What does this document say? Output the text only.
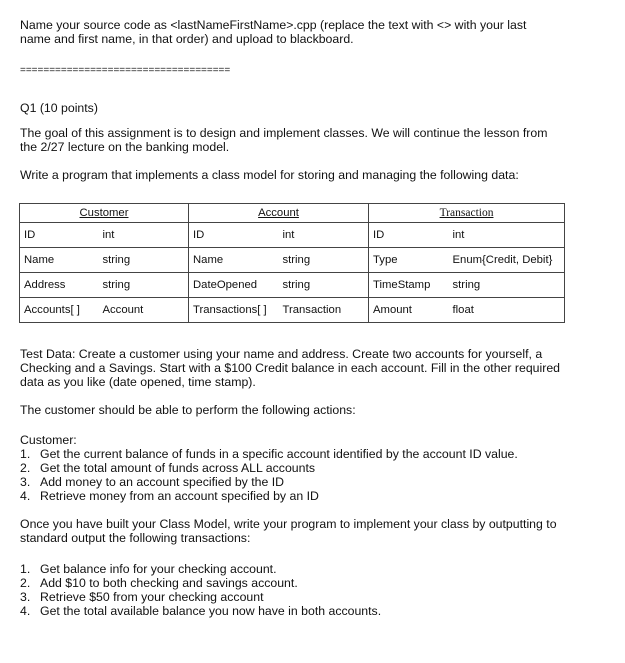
Name your source code as <lastNameFirstName>.cpp (replace the text with <> with your last name and first name, in that order) and upload to blackboard.

====================================

Q1 (10 points)

The goal of this assignment is to design and implement classes. We will continue the lesson from the 2/27 lecture on the banking model.

Write a program that implements a class model for storing and managing the following data:

Customer		Account		Transaction	
ID	int	ID	int	ID	int
Name	string	Name	string	Type	Enum{Credit, Debit}
Address	string	DateOpened	string	TimeStamp	string
Accounts[ ]	Account	Transactions[ ]	Transaction	Amount	float

Test Data: Create a customer using your name and address. Create two accounts for yourself, a Checking and a Savings. Start with a $100 Credit balance in each account. Fill in the other required data as you like (date opened, time stamp).

The customer should be able to perform the following actions:

Customer:

1. Get the current balance of funds in a specific account identified by the account ID value.
2. Get the total amount of funds across ALL accounts
3. Add money to an account specified by the ID
4. Retrieve money from an account specified by an ID

Once you have built your Class Model, write your program to implement your class by outputting to standard output the following transactions:

1. Get balance info for your checking account.
2. Add $10 to both checking and savings account.
3. Retrieve $50 from your checking account
4. Get the total available balance you now have in both accounts.
